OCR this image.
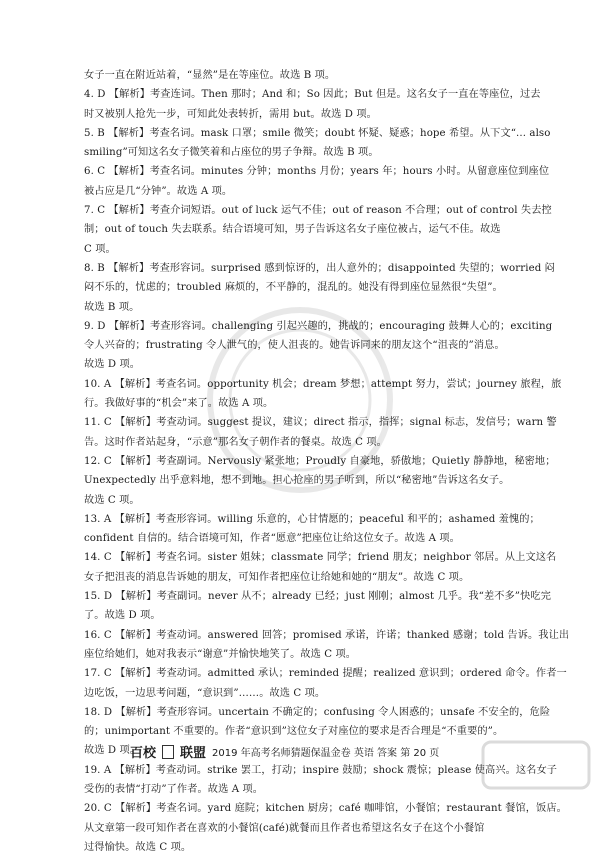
女子一直在附近站着，“显然”是在等座位。故选 B 项。
4. D 【解析】考查连词。Then 那时；And 和；So 因此；But 但是。这名女子一直在等座位，过去
时又被别人抢先一步，可知此处表转折，需用 but。故选 D 项。
5. B 【解析】考查名词。mask 口罩；smile 微笑；doubt 怀疑、疑惑；hope 希望。从下文“... also
smiling”可知这名女子微笑着和占座位的男子争辩。故选 B 项。
6. C 【解析】考查名词。minutes 分钟；months 月份；years 年；hours 小时。从留意座位到座位
被占应是几“分钟”。故选 A 项。
7. C 【解析】考查介词短语。out of luck 运气不佳；out of reason 不合理；out of control 失去控
制；out of touch 失去联系。结合语境可知，男子告诉这名女子座位被占，运气不佳。故选
C 项。
8. B 【解析】考查形容词。surprised 感到惊讶的，出人意外的；disappointed 失望的；worried 闷
闷不乐的，忧虑的；troubled 麻烦的，不平静的，混乱的。她没有得到座位显然很“失望”。
故选 B 项。
9. D 【解析】考查形容词。challenging 引起兴趣的，挑战的；encouraging 鼓舞人心的；exciting
令人兴奋的；frustrating 令人泄气的，使人沮丧的。她告诉同来的朋友这个“沮丧的”消息。
故选 D 项。
10. A 【解析】考查名词。opportunity 机会；dream 梦想；attempt 努力，尝试；journey 旅程，旅
行。我做好事的“机会”来了。故选 A 项。
11. C 【解析】考查动词。suggest 提议，建议；direct 指示，指挥；signal 标志，发信号；warn 警
告。这时作者站起身，“示意”那名女子朝作者的餐桌。故选 C 项。
12. C 【解析】考查副词。Nervously 紧张地；Proudly 自豪地，骄傲地；Quietly 静静地，秘密地；
Unexpectedly 出乎意料地，想不到地。担心抢座的男子听到，所以“秘密地”告诉这名女子。
故选 C 项。
13. A 【解析】考查形容词。willing 乐意的，心甘情愿的；peaceful 和平的；ashamed 羞愧的；
confident 自信的。结合语境可知，作者“愿意”把座位让给这位女子。故选 A 项。
14. C 【解析】考查名词。sister 姐妹；classmate 同学；friend 朋友；neighbor 邻居。从上文这名
女子把沮丧的消息告诉她的朋友，可知作者把座位让给她和她的“朋友”。故选 C 项。
15. D 【解析】考查副词。never 从不；already 已经；just 刚刚；almost 几乎。我“差不多”快吃完
了。故选 D 项。
16. C 【解析】考查动词。answered 回答；promised 承诺，许诺；thanked 感谢；told 告诉。我让出
座位给她们，她对我表示“谢意”并愉快地笑了。故选 C 项。
17. C 【解析】考查动词。admitted 承认；reminded 提醒；realized 意识到；ordered 命令。作者一
边吃饭，一边思考问题，“意识到”……。故选 C 项。
18. D 【解析】考查形容词。uncertain 不确定的；confusing 令人困惑的；unsafe 不安全的，危险
的；unimportant 不重要的。作者“意识到”这位女子对座位的要求是否合理是“不重要的”。
故选 D 项。
19. A 【解析】考查动词。strike 罢工，打动；inspire 鼓励；shock 震惊；please 使高兴。这名女子
受伤的表情“打动”了作者。故选 A 项。
20. C 【解析】考查名词。yard 庭院；kitchen 厨房；café 咖啡馆，小餐馆；restaurant 餐馆，饭店。
从文章第一段可知作者在喜欢的小餐馆(café)就餐而且作者也希望这名女子在这个小餐馆
过得愉快。故选 C 项。
百校 联盟 2019 年高考名师猜题保温金卷 英语 答案 第 20 页
